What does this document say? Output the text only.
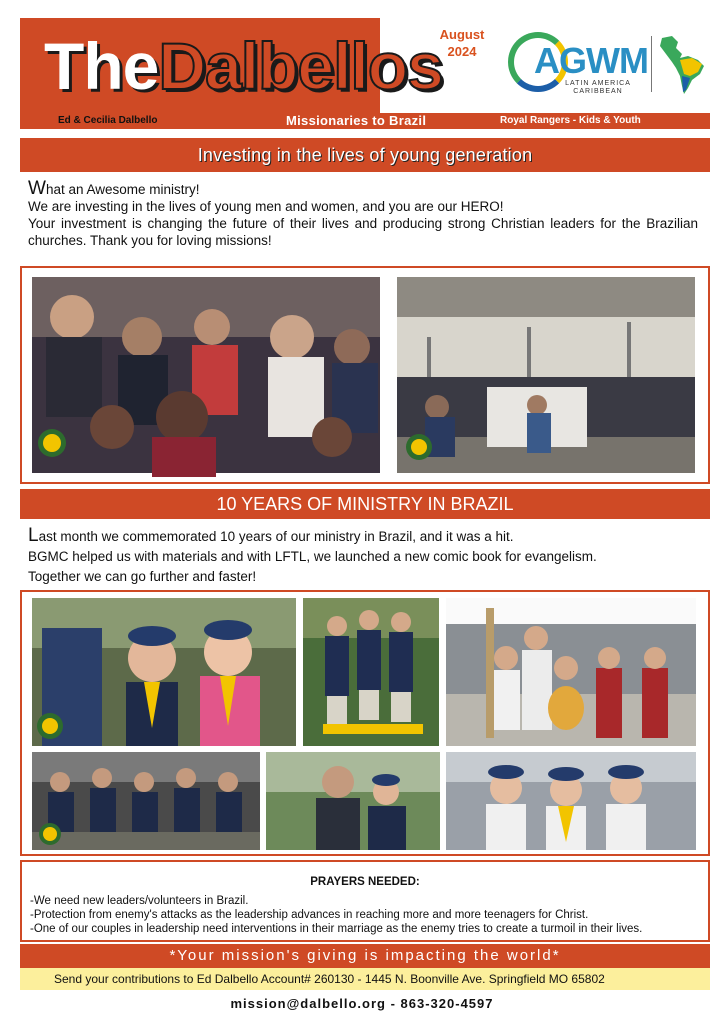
TheDalbellos
August
2024	AGWM
LATIN AMERICA
CARIBBEAN
Ed & Cecilia Dalbello	Missionaries to Brazil	Royal Rangers - Kids & Youth
Investing in the lives of young generation

What an Awesome ministry!

We are investing in the lives of young men and women, and you are our HERO!

Your investment is changing the future of their lives and producing strong Christian leaders for the Brazilian churches. Thank you for loving missions!

10 YEARS OF MINISTRY IN BRAZIL

Last month we commemorated 10 years of our ministry in Brazil, and it was a hit.

BGMC helped us with materials and with LFTL, we launched a new comic book for evangelism.

Together we can go further and faster!

PRAYERS NEEDED:
-We need new leaders/volunteers in Brazil.
-Protection from enemy's attacks as the leadership advances in reaching more and more teenagers for Christ.
-One of our couples in leadership need interventions in their marriage as the enemy tries to create a turmoil in their lives.
*Your mission's giving is impacting the world*
Send your contributions to Ed Dalbello Account# 260130 - 1445 N. Boonville Ave. Springfield MO 65802
mission@dalbello.org - 863-320-4597
